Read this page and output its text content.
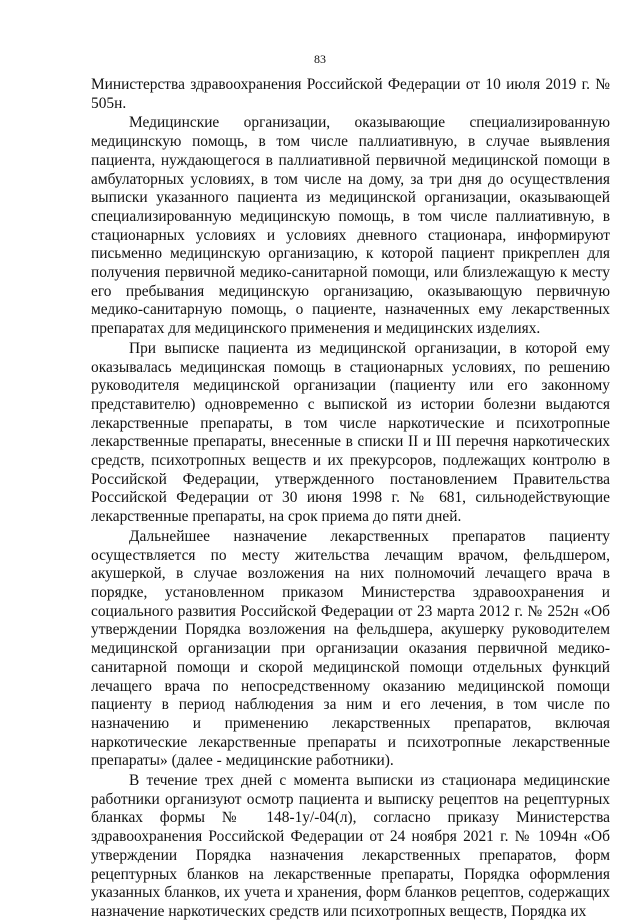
83

Министерства здравоохранения Российской Федерации от 10 июля 2019 г. № 505н.

Медицинские организации, оказывающие специализированную медицинскую помощь, в том числе паллиативную, в случае выявления пациента, нуждающегося в паллиативной первичной медицинской помощи в амбулаторных условиях, в том числе на дому, за три дня до осуществления выписки указанного пациента из медицинской организации, оказывающей специализированную медицинскую помощь, в том числе паллиативную, в стационарных условиях и условиях дневного стационара, информируют письменно медицинскую организацию, к которой пациент прикреплен для получения первичной медико-санитарной помощи, или близлежащую к месту его пребывания медицинскую организацию, оказывающую первичную медико-санитарную помощь, о пациенте, назначенных ему лекарственных препаратах для медицинского применения и медицинских изделиях.

При выписке пациента из медицинской организации, в которой ему оказывалась медицинская помощь в стационарных условиях, по решению руководителя медицинской организации (пациенту или его законному представителю) одновременно с выпиской из истории болезни выдаются лекарственные препараты, в том числе наркотические и психотропные лекарственные препараты, внесенные в списки II и III перечня наркотических средств, психотропных веществ и их прекурсоров, подлежащих контролю в Российской Федерации, утвержденного постановлением Правительства Российской Федерации от 30 июня 1998 г. № 681, сильнодействующие лекарственные препараты, на срок приема до пяти дней.

Дальнейшее назначение лекарственных препаратов пациенту осуществляется по месту жительства лечащим врачом, фельдшером, акушеркой, в случае возложения на них полномочий лечащего врача в порядке, установленном приказом Министерства здравоохранения и социального развития Российской Федерации от 23 марта 2012 г. № 252н «Об утверждении Порядка возложения на фельдшера, акушерку руководителем медицинской организации при организации оказания первичной медико-санитарной помощи и скорой медицинской помощи отдельных функций лечащего врача по непосредственному оказанию медицинской помощи пациенту в период наблюдения за ним и его лечения, в том числе по назначению и применению лекарственных препаратов, включая наркотические лекарственные препараты и психотропные лекарственные препараты» (далее - медицинские работники).

В течение трех дней с момента выписки из стационара медицинские работники организуют осмотр пациента и выписку рецептов на рецептурных бланках формы № 148-1у/-04(л), согласно приказу Министерства здравоохранения Российской Федерации от 24 ноября 2021 г. № 1094н «Об утверждении Порядка назначения лекарственных препаратов, форм рецептурных бланков на лекарственные препараты, Порядка оформления указанных бланков, их учета и хранения, форм бланков рецептов, содержащих назначение наркотических средств или психотропных веществ, Порядка их
